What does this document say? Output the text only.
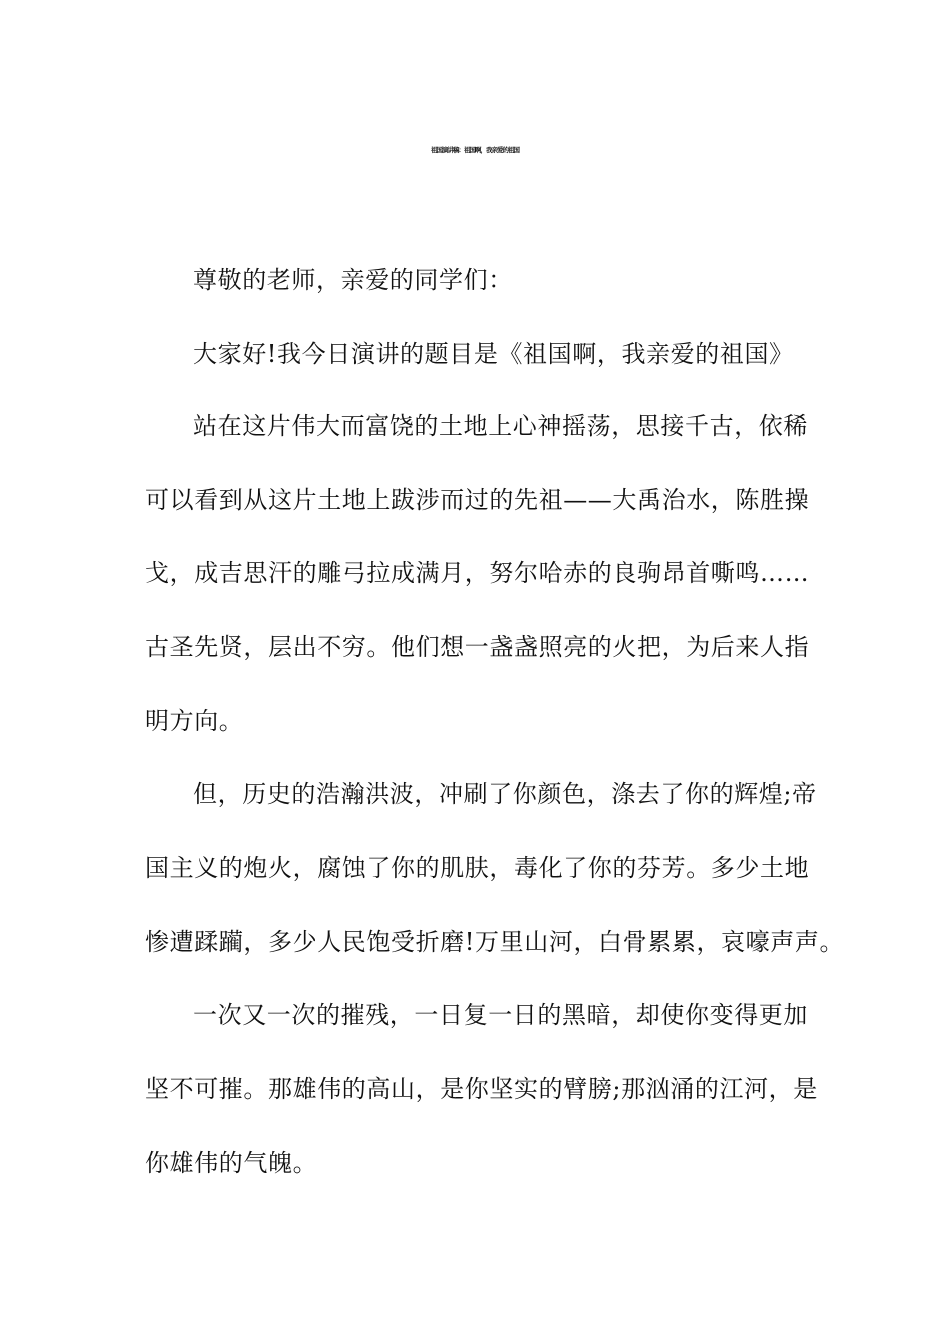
祖国演讲稿：祖国啊，我亲爱的祖国
尊敬的老师，亲爱的同学们：
大家好!我今日演讲的题目是《祖国啊，我亲爱的祖国》
站在这片伟大而富饶的土地上心神摇荡，思接千古，依稀
可以看到从这片土地上跋涉而过的先祖——大禹治水，陈胜操
戈，成吉思汗的雕弓拉成满月，努尔哈赤的良驹昂首嘶鸣……
古圣先贤，层出不穷。他们想一盏盏照亮的火把，为后来人指
明方向。
但，历史的浩瀚洪波，冲刷了你颜色，涤去了你的辉煌;帝
国主义的炮火，腐蚀了你的肌肤，毒化了你的芬芳。多少土地
惨遭蹂躏，多少人民饱受折磨!万里山河，白骨累累，哀嚎声声。
一次又一次的摧残，一日复一日的黑暗，却使你变得更加
坚不可摧。那雄伟的高山，是你坚实的臂膀;那汹涌的江河，是
你雄伟的气魄。
